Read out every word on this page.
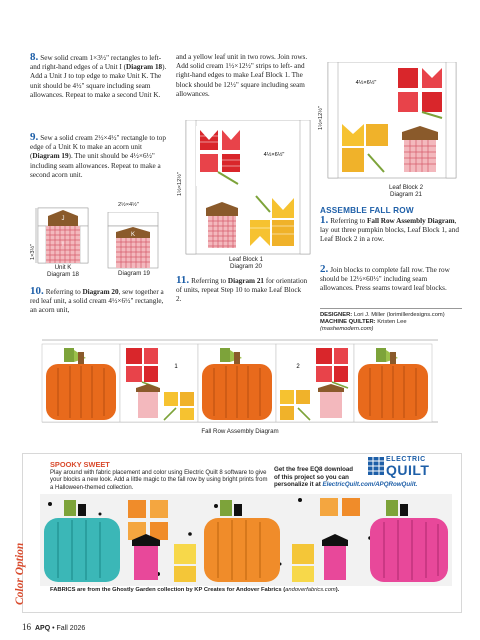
8. Sew solid cream 1×3½" rectangles to left- and right-hand edges of a Unit I (Diagram 18). Add a Unit J to top edge to make Unit K. The unit should be 4½" square including seam allowances. Repeat to make a second Unit K.
9. Sew a solid cream 2½×4½" rectangle to top edge of a Unit K to make an acorn unit (Diagram 19). The unit should be 4½×6½" including seam allowances. Repeat to make a second acorn unit.
J
I
1×3½"
Unit K
Diagram 18
2½×4½"
K
Diagram 19
10. Referring to Diagram 20, sew together a red leaf unit, a solid cream 4½×6½" rectangle, an acorn unit,
and a yellow leaf unit in two rows. Join rows. Add solid cream 1½×12½" strips to left- and right-hand edges to make Leaf Block 1. The block should be 12½" square including seam allowances.
4½×6½"
1½×12½"
Leaf Block 1
Diagram 20
11. Referring to Diagram 21 for orientation of units, repeat Step 10 to make Leaf Block 2.
4½×6½"
1½×12½"
Leaf Block 2
Diagram 21
ASSEMBLE FALL ROW
1. Referring to Fall Row Assembly Diagram, lay out three pumpkin blocks, Leaf Block 1, and Leaf Block 2 in a row.
2. Join blocks to complete fall row. The row should be 12½×60½" including seam allowances. Press seams toward leaf blocks.
DESIGNER: Lori J. Miller (lorimillerdesigns.com)
MACHINE QUILTER: Kristen Lee
(mashemodern.com)
1	2
Fall Row Assembly Diagram
Color Option
SPOOKY SWEET
Play around with fabric placement and color using Electric Quilt 8 software to give your blocks a new look. Add a little magic to the fall row by using bright prints from a Halloween-themed collection.
Get the free EQ8 download
of this project so you can
personalize it at ElectricQuilt.com/APQRowQuilt.
ELECTRIC
QUILT
FABRICS are from the Ghostly Garden collection by KP Creates for Andover Fabrics (andoverfabrics.com).
16 APQ • Fall 2026
